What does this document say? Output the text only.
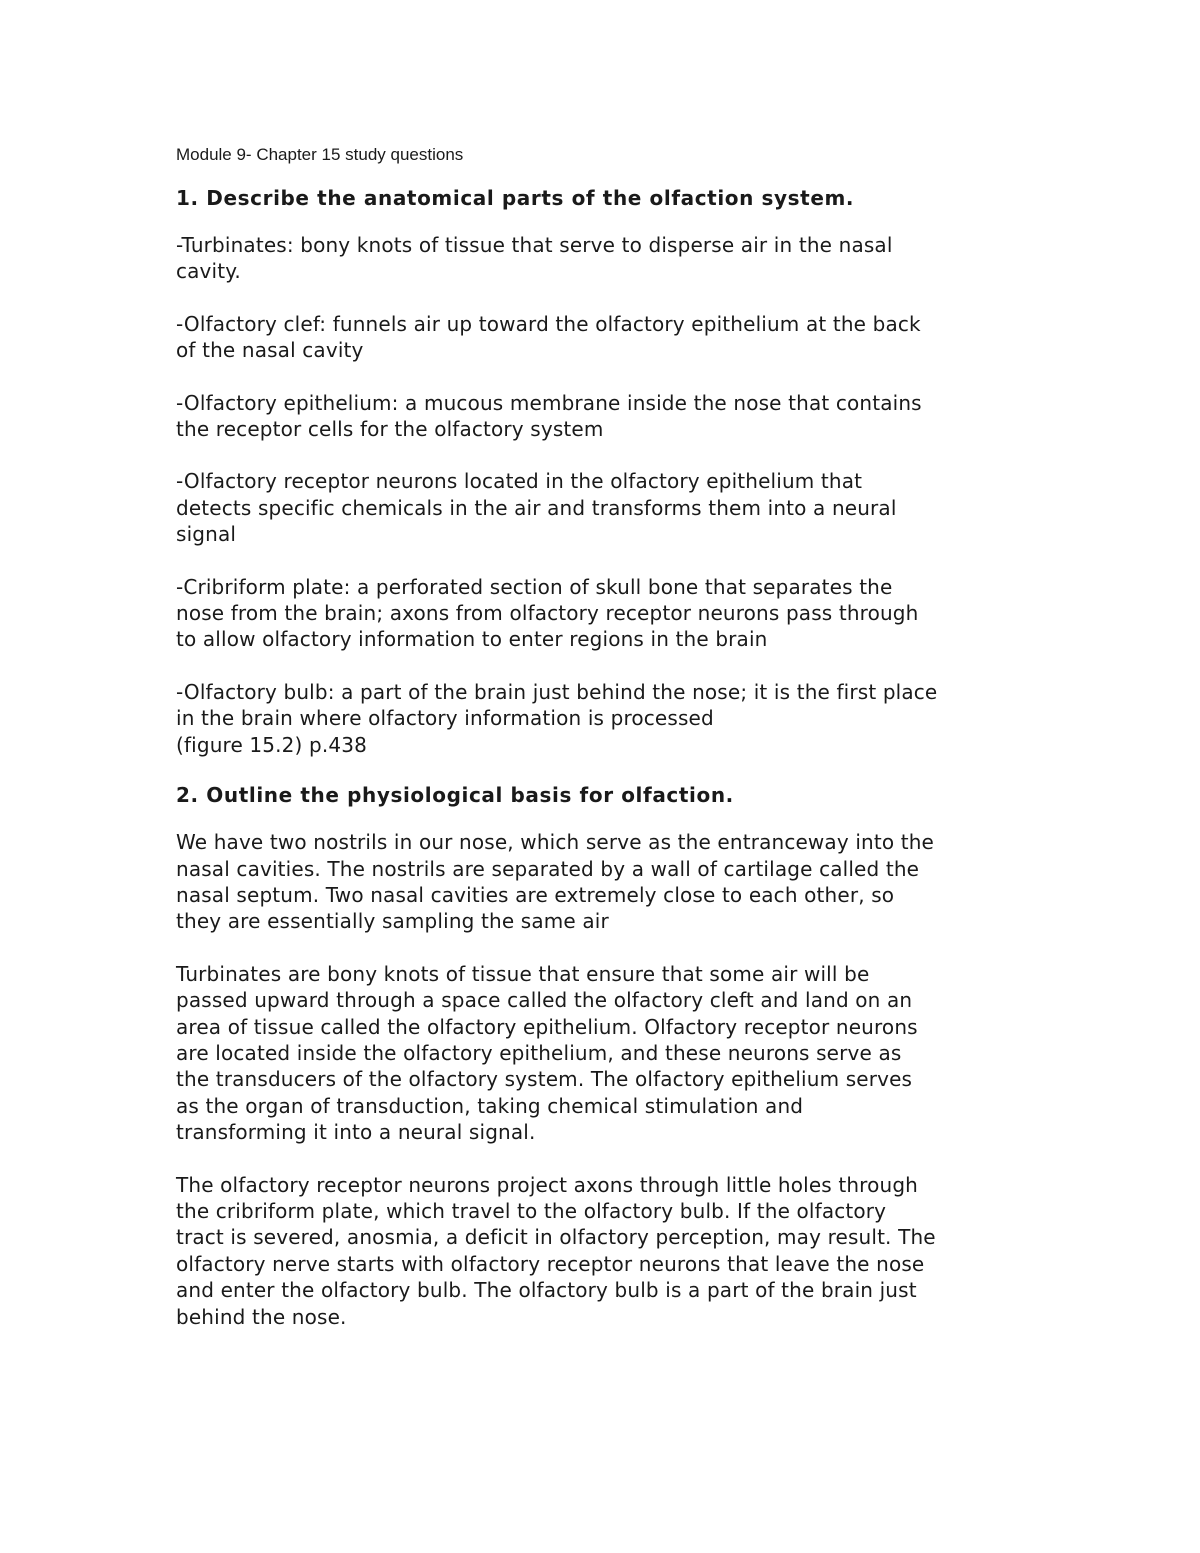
Module 9- Chapter 15 study questions
1. Describe the anatomical parts of the olfaction system.

-Turbinates: bony knots of tissue that serve to disperse air in the nasal
cavity.

-Olfactory clef: funnels air up toward the olfactory epithelium at the back
of the nasal cavity

-Olfactory epithelium: a mucous membrane inside the nose that contains
the receptor cells for the olfactory system

-Olfactory receptor neurons located in the olfactory epithelium that
detects specific chemicals in the air and transforms them into a neural
signal

-Cribriform plate: a perforated section of skull bone that separates the
nose from the brain; axons from olfactory receptor neurons pass through
to allow olfactory information to enter regions in the brain

-Olfactory bulb: a part of the brain just behind the nose; it is the first place
in the brain where olfactory information is processed
(figure 15.2) p.438

2. Outline the physiological basis for olfaction.

We have two nostrils in our nose, which serve as the entranceway into the
nasal cavities. The nostrils are separated by a wall of cartilage called the
nasal septum. Two nasal cavities are extremely close to each other, so
they are essentially sampling the same air

Turbinates are bony knots of tissue that ensure that some air will be
passed upward through a space called the olfactory cleft and land on an
area of tissue called the olfactory epithelium. Olfactory receptor neurons
are located inside the olfactory epithelium, and these neurons serve as
the transducers of the olfactory system. The olfactory epithelium serves
as the organ of transduction, taking chemical stimulation and
transforming it into a neural signal.

The olfactory receptor neurons project axons through little holes through
the cribriform plate, which travel to the olfactory bulb. If the olfactory
tract is severed, anosmia, a deficit in olfactory perception, may result. The
olfactory nerve starts with olfactory receptor neurons that leave the nose
and enter the olfactory bulb. The olfactory bulb is a part of the brain just
behind the nose.
